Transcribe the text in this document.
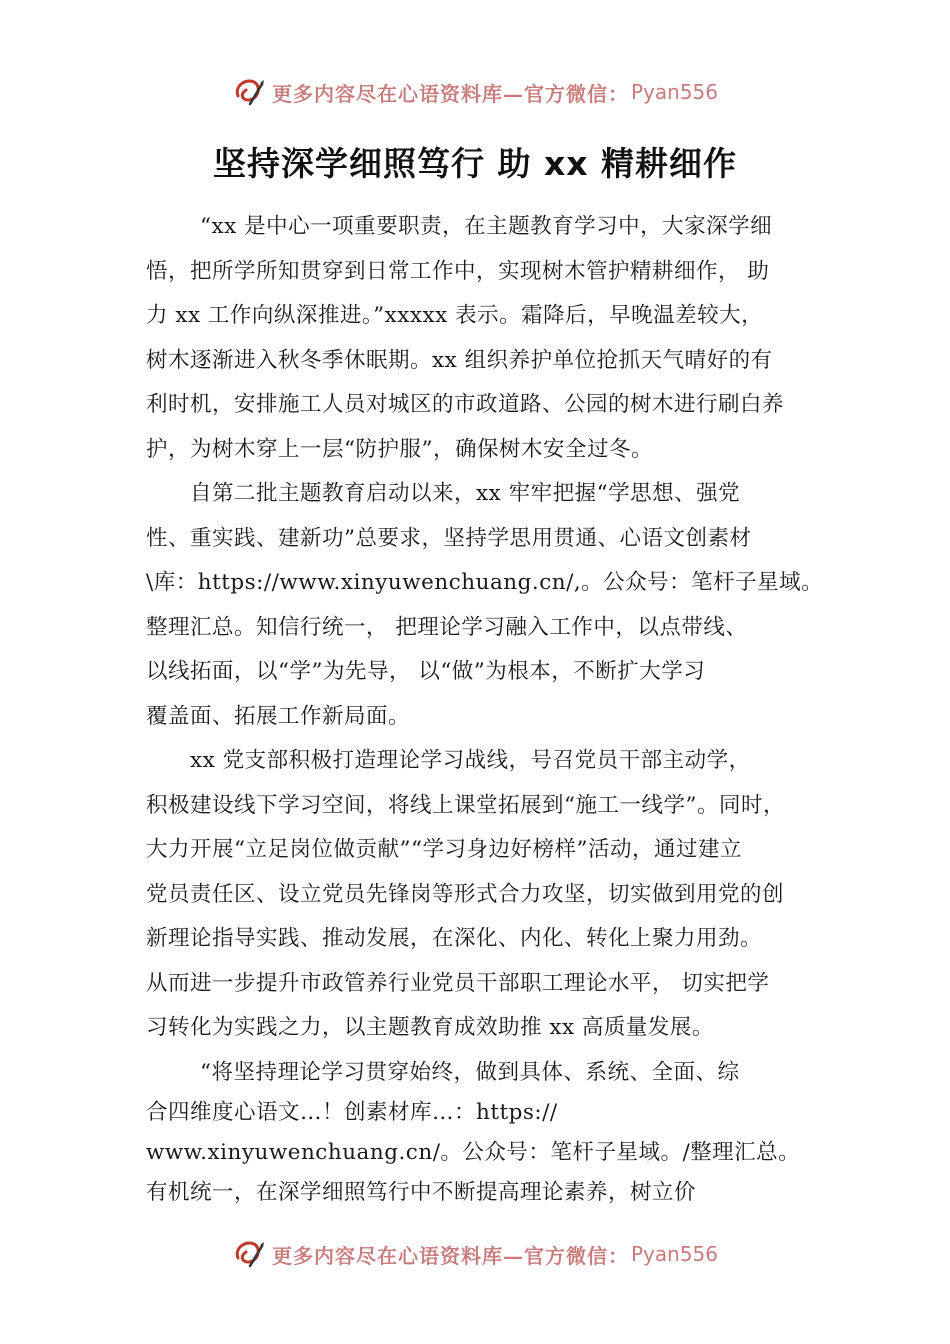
更多内容尽在心语资料库—官方微信： Pyan556
坚持深学细照笃行 助 xx 精耕细作
“xx 是中心一项重要职责，在主题教育学习中，大家深学细
悟，把所学所知贯穿到日常工作中，实现树木管护精耕细作， 助
力 xx 工作向纵深推进。”xxxxx 表示。霜降后，早晚温差较大，
树木逐渐进入秋冬季休眠期。xx 组织养护单位抢抓天气晴好的有
利时机，安排施工人员对城区的市政道路、公园的树木进行刷白养
护，为树木穿上一层“防护服”，确保树木安全过冬。
自第二批主题教育启动以来，xx 牢牢把握“学思想、强党
性、重实践、建新功”总要求，坚持学思用贯通、心语文创素材
\库：https://www.xinyuwenchuang.cn/,。公众号：笔杆子星域。
整理汇总。知信行统一， 把理论学习融入工作中，以点带线、
以线拓面，以“学”为先导， 以“做”为根本，不断扩大学习
覆盖面、拓展工作新局面。
xx 党支部积极打造理论学习战线，号召党员干部主动学，
积极建设线下学习空间，将线上课堂拓展到“施工一线学”。同时，
大力开展“立足岗位做贡献”“学习身边好榜样”活动，通过建立
党员责任区、设立党员先锋岗等形式合力攻坚，切实做到用党的创
新理论指导实践、推动发展，在深化、内化、转化上聚力用劲。
从而进一步提升市政管养行业党员干部职工理论水平， 切实把学
习转化为实践之力，以主题教育成效助推 xx 高质量发展。
“将坚持理论学习贯穿始终，做到具体、系统、全面、综
合四维度心语文…！创素材库…：https://
www.xinyuwenchuang.cn/。公众号：笔杆子星域。/整理汇总。
有机统一，在深学细照笃行中不断提高理论素养，树立价
更多内容尽在心语资料库—官方微信： Pyan556
